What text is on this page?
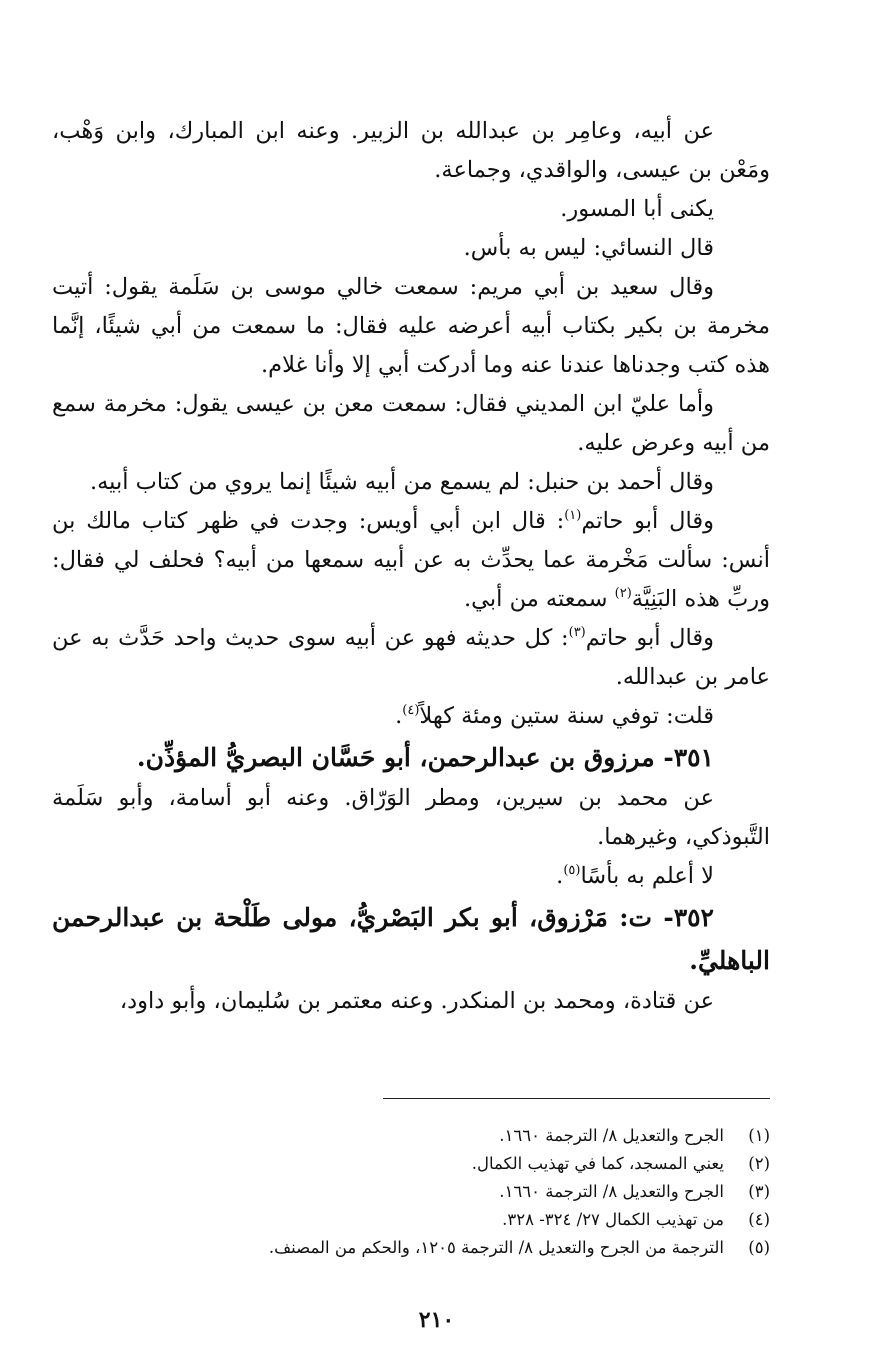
عن أبيه، وعامِر بن عبدالله بن الزبير. وعنه ابن المبارك، وابن وَهْب، ومَعْن بن عيسى، والواقدي، وجماعة.

يكنى أبا المسور.

قال النسائي: ليس به بأس.

وقال سعيد بن أبي مريم: سمعت خالي موسى بن سَلَمة يقول: أتيت مخرمة بن بكير بكتاب أبيه أعرضه عليه فقال: ما سمعت من أبي شيئًا، إنَّما هذه كتب وجدناها عندنا عنه وما أدركت أبي إلا وأنا غلام.

وأما عليّ ابن المديني فقال: سمعت معن بن عيسى يقول: مخرمة سمع من أبيه وعرض عليه.

وقال أحمد بن حنبل: لم يسمع من أبيه شيئًا إنما يروي من كتاب أبيه.

وقال أبو حاتم$^{(١)}$: قال ابن أبي أويس: وجدت في ظهر كتاب مالك بن أنس: سألت مَخْرمة عما يحدِّث به عن أبيه سمعها من أبيه؟ فحلف لي فقال: وربِّ هذه البَنِيَّة$^{(٢)}$ سمعته من أبي.

وقال أبو حاتم$^{(٣)}$: كل حديثه فهو عن أبيه سوى حديث واحد حَدَّث به عن عامر بن عبدالله.

قلت: توفي سنة ستين ومئة كهلاً$^{(٤)}$.

٣٥١- مرزوق بن عبدالرحمن، أبو حَسَّان البصريُّ المؤذِّن.

عن محمد بن سيرين، ومطر الوَرّاق. وعنه أبو أسامة، وأبو سَلَمة التَّبوذكي، وغيرهما.

لا أعلم به بأسًا$^{(٥)}$.

٣٥٢- ت: مَرْزوق، أبو بكر البَصْريُّ، مولى طَلْحة بن عبدالرحمن الباهليِّ.

عن قتادة، ومحمد بن المنكدر. وعنه معتمر بن سُليمان، وأبو داود،

(١)
الجرح والتعديل ٨/ الترجمة ١٦٦٠.
(٢)
يعني المسجد، كما في تهذيب الكمال.
(٣)
الجرح والتعديل ٨/ الترجمة ١٦٦٠.
(٤)
من تهذيب الكمال ٢٧/ ٣٢٤- ٣٢٨.
(٥)
الترجمة من الجرح والتعديل ٨/ الترجمة ١٢٠٥، والحكم من المصنف.
٢١٠
